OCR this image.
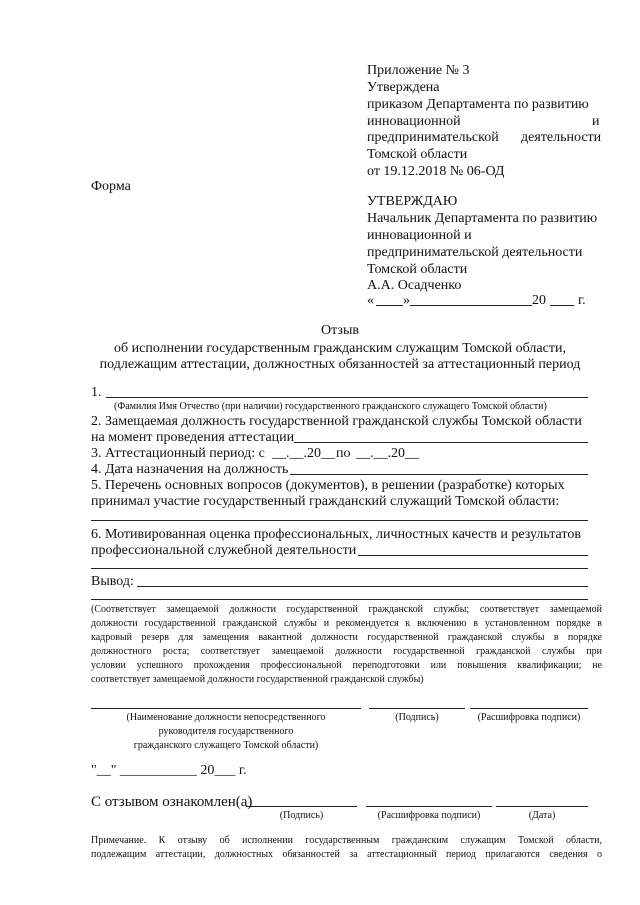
Приложение № 3
Утверждена
приказом Департамента по развитию
инновационной	и
предпринимательской деятельности
Томской области
от 19.12.2018 № 06-ОД
Форма
УТВЕРЖДАЮ
Начальник Департамента по развитию
инновационной и
предпринимательской деятельности
Томской области
А.А. Осадченко
« »	20 г.
Отзыв
об исполнении государственным гражданским служащим Томской области,
подлежащим аттестации, должностных обязанностей за аттестационный период
1.
(Фамилия Имя Отчество (при наличии) государственного гражданского служащего Томской области)
2. Замещаемая должность государственной гражданской службы Томской области
на момент проведения аттестации
3. Аттестационный период: с __.__.20__ по __.__.20__
4. Дата назначения на должность
5. Перечень основных вопросов (документов), в решении (разработке) которых
принимал участие государственный гражданский служащий Томской области:
6. Мотивированная оценка профессиональных, личностных качеств и результатов
профессиональной служебной деятельности
Вывод:
(Соответствует замещаемой должности государственной гражданской службы; соответствует замещаемой
должности государственной гражданской службы и рекомендуется к включению в установленном порядке в
кадровый резерв для замещения вакантной должности государственной гражданской службы в порядке
должностного роста; соответствует замещаемой должности государственной гражданской службы при
условии успешного прохождения профессиональной переподготовки или повышения квалификации; не
соответствует замещаемой должности государственной гражданской службы)
(Наименование должности непосредственного
руководителя государственного
гражданского служащего Томской области)
(Подпись)	(Расшифровка подписи)
"__" ___________ 20___ г.
С отзывом ознакомлен(а)
(Подпись)	(Расшифровка подписи)	(Дата)
Примечание. К отзыву об исполнении государственным гражданским служащим Томской области,
подлежащим аттестации, должностных обязанностей за аттестационный период прилагаются сведения о
